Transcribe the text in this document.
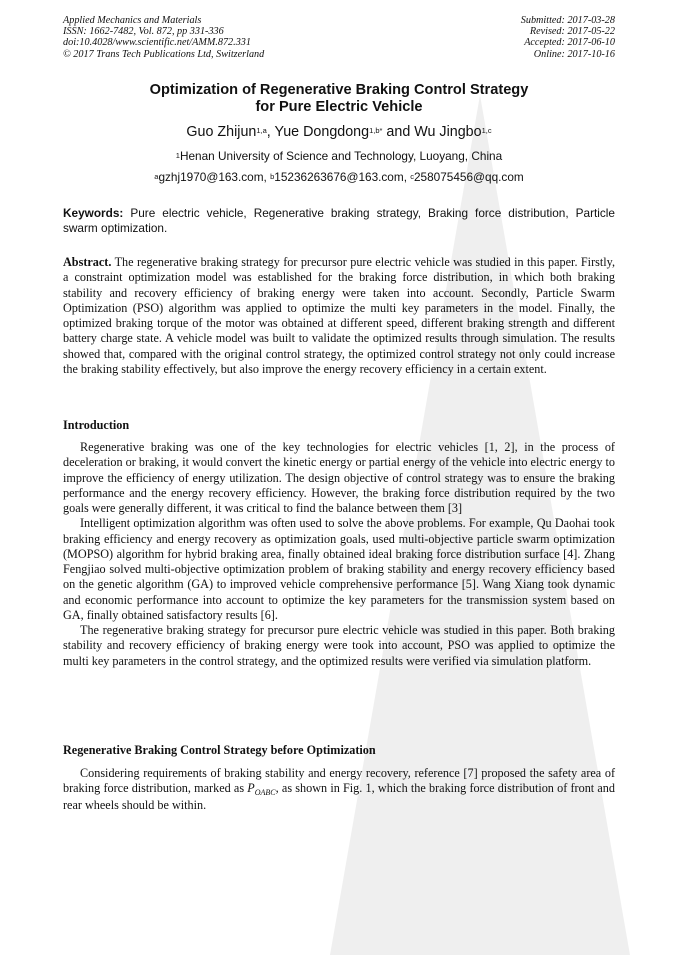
Applied Mechanics and Materials
ISSN: 1662-7482, Vol. 872, pp 331-336
doi:10.4028/www.scientific.net/AMM.872.331
© 2017 Trans Tech Publications Ltd, Switzerland
Submitted: 2017-03-28
Revised: 2017-05-22
Accepted: 2017-06-10
Online: 2017-10-16
Optimization of Regenerative Braking Control Strategy
for Pure Electric Vehicle
Guo Zhijun$^{1,a}$, Yue Dongdong$^{1,b*}$ and Wu Jingbo$^{1,c}$
$^1$Henan University of Science and Technology, Luoyang, China
$^a$gzhj1970@163.com, $^b$15236263676@163.com, $^c$258075456@qq.com
Keywords: Pure electric vehicle, Regenerative braking strategy, Braking force distribution, Particle swarm optimization.
Abstract. The regenerative braking strategy for precursor pure electric vehicle was studied in this paper. Firstly, a constraint optimization model was established for the braking force distribution, in which both braking stability and recovery efficiency of braking energy were taken into account. Secondly, Particle Swarm Optimization (PSO) algorithm was applied to optimize the multi key parameters in the model. Finally, the optimized braking torque of the motor was obtained at different speed, different braking strength and different battery charge state. A vehicle model was built to validate the optimized results through simulation. The results showed that, compared with the original control strategy, the optimized control strategy not only could increase the braking stability effectively, but also improve the energy recovery efficiency in a certain extent.
Introduction

Regenerative braking was one of the key technologies for electric vehicles [1, 2], in the process of deceleration or braking, it would convert the kinetic energy or partial energy of the vehicle into electric energy to improve the efficiency of energy utilization. The design objective of control strategy was to ensure the braking performance and the energy recovery efficiency. However, the braking force distribution required by the two goals were generally different, it was critical to find the balance between them [3]

Intelligent optimization algorithm was often used to solve the above problems. For example, Qu Daohai took braking efficiency and energy recovery as optimization goals, used multi-objective particle swarm optimization (MOPSO) algorithm for hybrid braking area, finally obtained ideal braking force distribution surface [4]. Zhang Fengjiao solved multi-objective optimization problem of braking stability and energy recovery efficiency based on the genetic algorithm (GA) to improved vehicle comprehensive performance [5]. Wang Xiang took dynamic and economic performance into account to optimize the key parameters for the transmission system based on GA, finally obtained satisfactory results [6].

The regenerative braking strategy for precursor pure electric vehicle was studied in this paper. Both braking stability and recovery efficiency of braking energy were took into account, PSO was applied to optimize the multi key parameters in the control strategy, and the optimized results were verified via simulation platform.

Regenerative Braking Control Strategy before Optimization

Considering requirements of braking stability and energy recovery, reference [7] proposed the safety area of braking force distribution, marked as $P_{OABC}$, as shown in Fig. 1, which the braking force distribution of front and rear wheels should be within.
